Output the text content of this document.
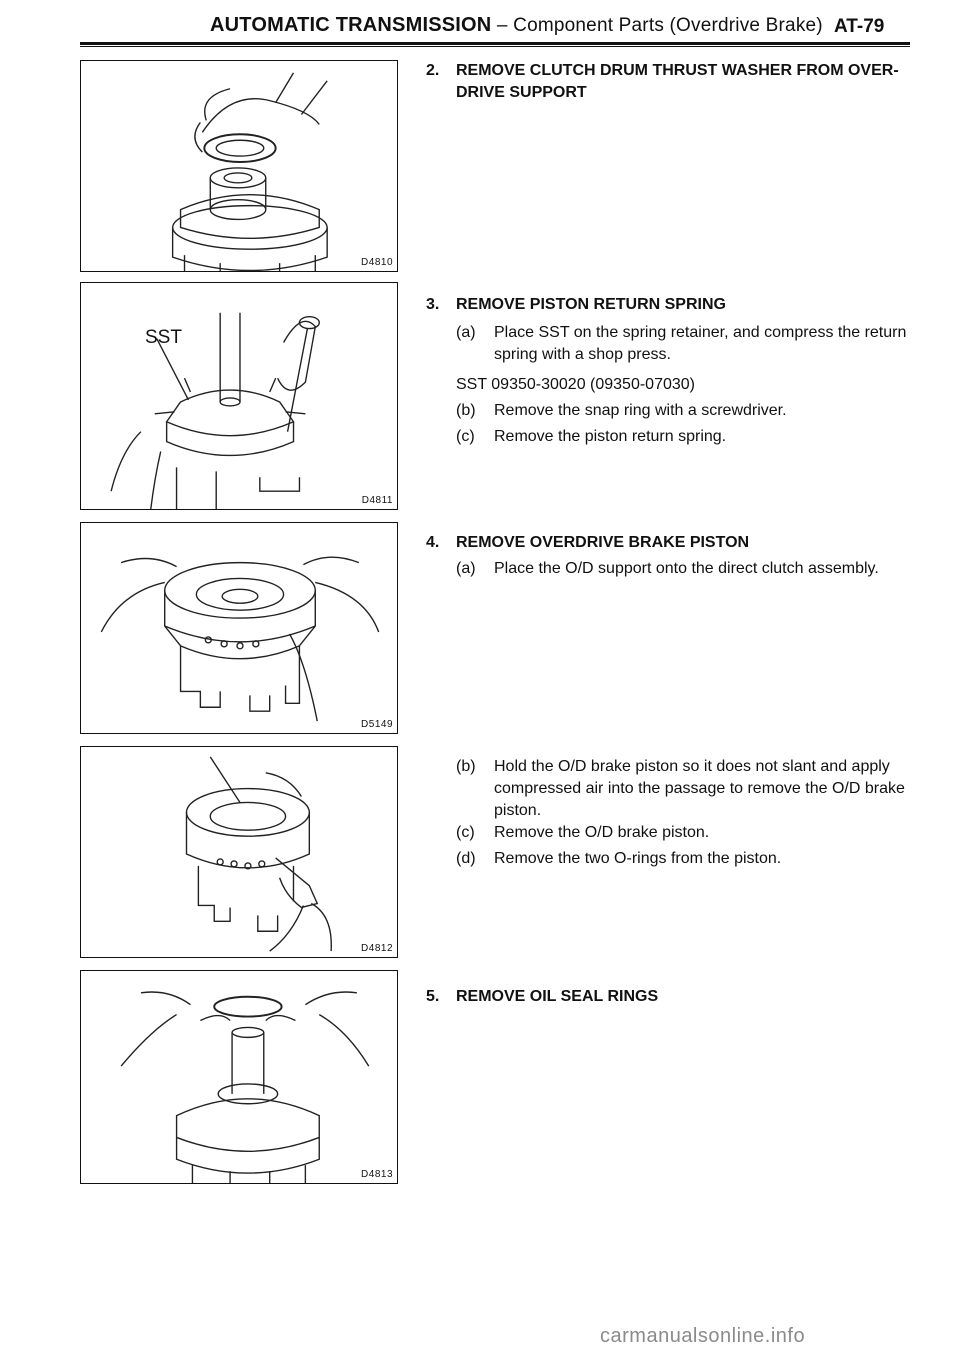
AUTOMATIC TRANSMISSION – Component Parts (Overdrive Brake) AT-79
D4810
SST
D4811
D5149
D4812
D4813
2. REMOVE CLUTCH DRUM THRUST WASHER FROM OVER-DRIVE SUPPORT
3. REMOVE PISTON RETURN SPRING
(a) Place SST on the spring retainer, and compress the return spring with a shop press.
SST 09350-30020 (09350-07030)
(b) Remove the snap ring with a screwdriver.
(c) Remove the piston return spring.
4. REMOVE OVERDRIVE BRAKE PISTON
(a) Place the O/D support onto the direct clutch assembly.
(b) Hold the O/D brake piston so it does not slant and apply compressed air into the passage to remove the O/D brake piston.
(c) Remove the O/D brake piston.
(d) Remove the two O-rings from the piston.
5. REMOVE OIL SEAL RINGS
carmanualsonline.info
